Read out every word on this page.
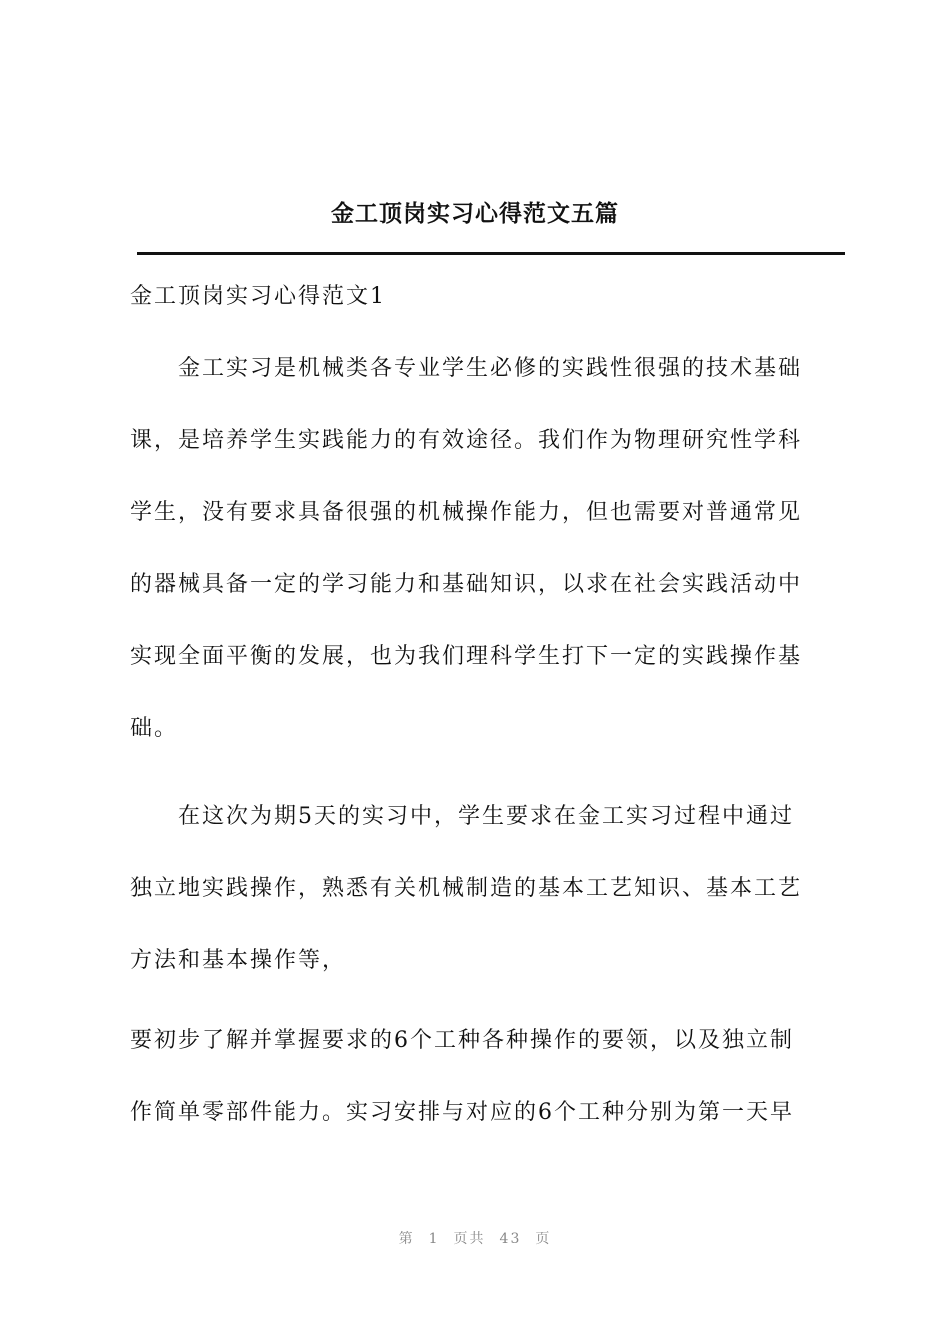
金工顶岗实习心得范文五篇
金工顶岗实习心得范文1
金工实习是机械类各专业学生必修的实践性很强的技术基础
课，是培养学生实践能力的有效途径。我们作为物理研究性学科
学生，没有要求具备很强的机械操作能力，但也需要对普通常见
的器械具备一定的学习能力和基础知识，以求在社会实践活动中
实现全面平衡的发展，也为我们理科学生打下一定的实践操作基
础。
在这次为期5天的实习中，学生要求在金工实习过程中通过
独立地实践操作，熟悉有关机械制造的基本工艺知识、基本工艺
方法和基本操作等，
要初步了解并掌握要求的6个工种各种操作的要领，以及独立制
作简单零部件能力。实习安排与对应的6个工种分别为第一天早
第 1 页共 43 页
